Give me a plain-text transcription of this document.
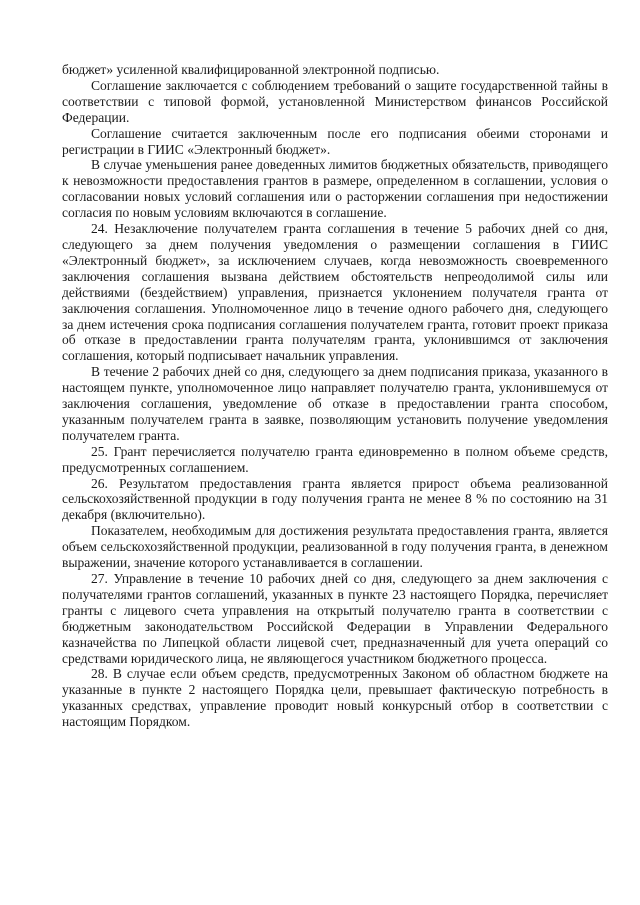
бюджет» усиленной квалифицированной электронной подписью.

Соглашение заключается с соблюдением требований о защите государственной тайны в соответствии с типовой формой, установленной Министерством финансов Российской Федерации.

Соглашение считается заключенным после его подписания обеими сторонами и регистрации в ГИИС «Электронный бюджет».

В случае уменьшения ранее доведенных лимитов бюджетных обязательств, приводящего к невозможности предоставления грантов в размере, определенном в соглашении, условия о согласовании новых условий соглашения или о расторжении соглашения при недостижении согласия по новым условиям включаются в соглашение.

24. Незаключение получателем гранта соглашения в течение 5 рабочих дней со дня, следующего за днем получения уведомления о размещении соглашения в ГИИС «Электронный бюджет», за исключением случаев, когда невозможность своевременного заключения соглашения вызвана действием обстоятельств непреодолимой силы или действиями (бездействием) управления, признается уклонением получателя гранта от заключения соглашения. Уполномоченное лицо в течение одного рабочего дня, следующего за днем истечения срока подписания соглашения получателем гранта, готовит проект приказа об отказе в предоставлении гранта получателям гранта, уклонившимся от заключения соглашения, который подписывает начальник управления.

В течение 2 рабочих дней со дня, следующего за днем подписания приказа, указанного в настоящем пункте, уполномоченное лицо направляет получателю гранта, уклонившемуся от заключения соглашения, уведомление об отказе в предоставлении гранта способом, указанным получателем гранта в заявке, позволяющим установить получение уведомления получателем гранта.

25. Грант перечисляется получателю гранта единовременно в полном объеме средств, предусмотренных соглашением.

26. Результатом предоставления гранта является прирост объема реализованной сельскохозяйственной продукции в году получения гранта не менее 8 % по состоянию на 31 декабря (включительно).

Показателем, необходимым для достижения результата предоставления гранта, является объем сельскохозяйственной продукции, реализованной в году получения гранта, в денежном выражении, значение которого устанавливается в соглашении.

27. Управление в течение 10 рабочих дней со дня, следующего за днем заключения с получателями грантов соглашений, указанных в пункте 23 настоящего Порядка, перечисляет гранты с лицевого счета управления на открытый получателю гранта в соответствии с бюджетным законодательством Российской Федерации в Управлении Федерального казначейства по Липецкой области лицевой счет, предназначенный для учета операций со средствами юридического лица, не являющегося участником бюджетного процесса.

28. В случае если объем средств, предусмотренных Законом об областном бюджете на указанные в пункте 2 настоящего Порядка цели, превышает фактическую потребность в указанных средствах, управление проводит новый конкурсный отбор в соответствии с настоящим Порядком.
